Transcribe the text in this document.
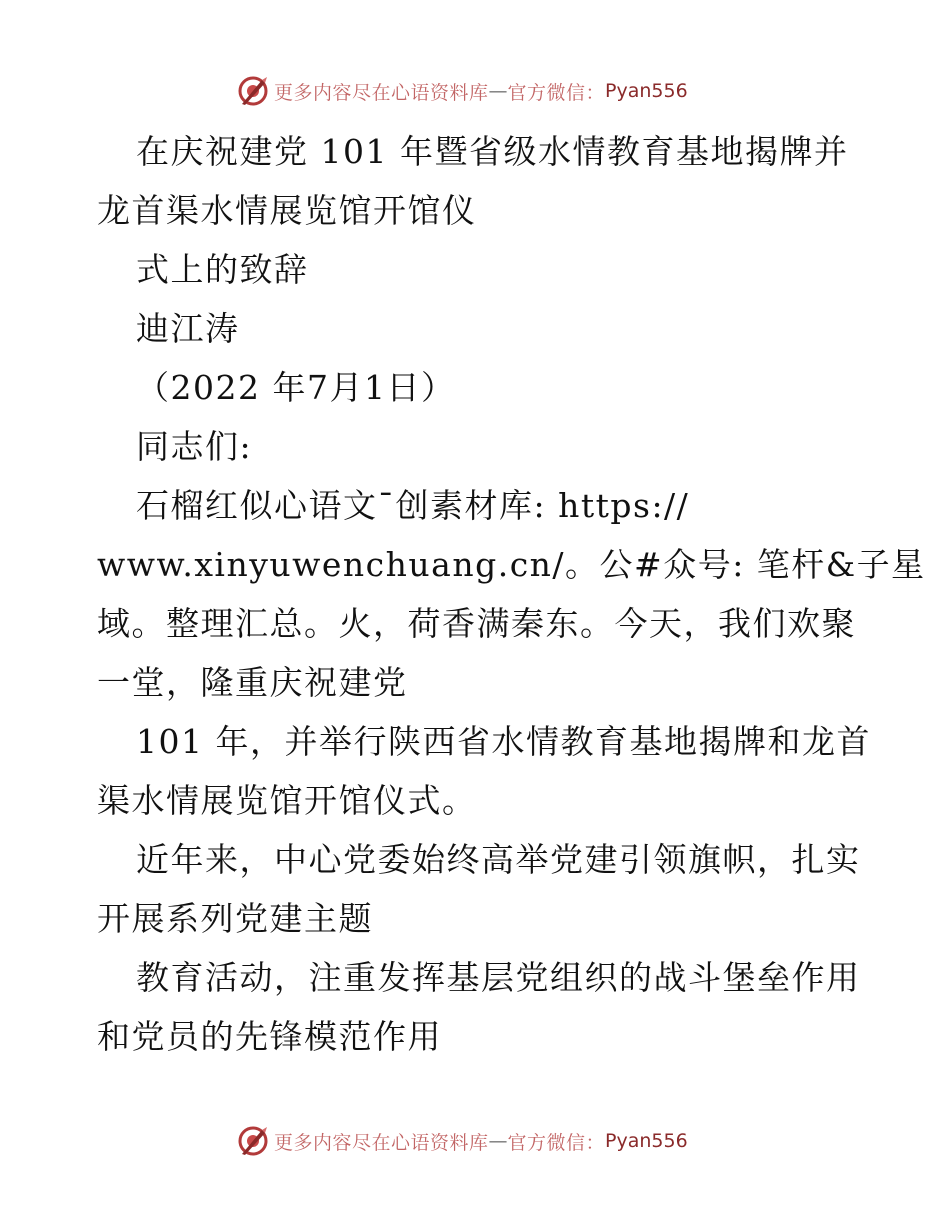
更多内容尽在心语资料库 — 官方微信： Pyan556
在庆祝建党 101 年暨省级水情教育基地揭牌并
龙首渠水情展览馆开馆仪
式上的致辞
迪江涛
（2022 年7月1日）
同志们:
石榴红似心语文¯创素材库: https://
www.xinyuwenchuang.cn/。公#众号: 笔杆&子星
域。整理汇总。火，荷香满秦东。今天，我们欢聚
一堂，隆重庆祝建党
101 年，并举行陕西省水情教育基地揭牌和龙首
渠水情展览馆开馆仪式。
近年来，中心党委始终高举党建引领旗帜，扎实
开展系列党建主题
教育活动，注重发挥基层党组织的战斗堡垒作用
和党员的先锋模范作用
更多内容尽在心语资料库 — 官方微信： Pyan556
